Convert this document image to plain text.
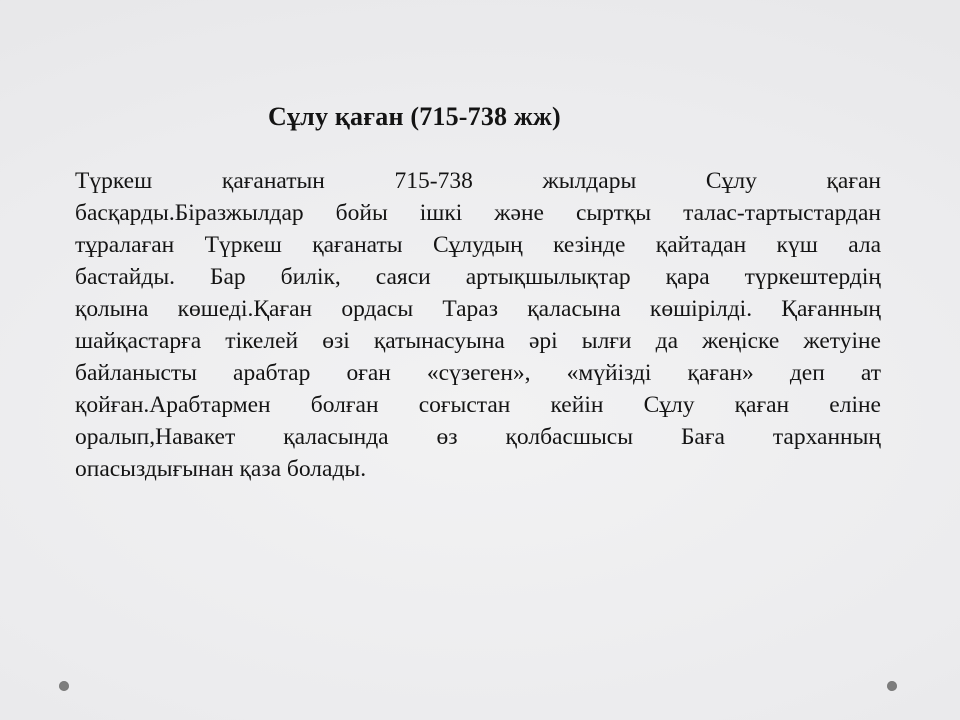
Сұлу қаған (715-738 жж)
Түркеш қағанатын 715-738 жылдары Сұлу қаған
басқарды.Біразжылдар бойы ішкі және сыртқы талас-тартыстардан
тұралаған Түркеш қағанаты Сұлудың кезінде қайтадан күш ала
бастайды. Бар билік, саяси артықшылықтар қара түркештердің
қолына көшеді.Қаған ордасы Тараз қаласына көшірілді. Қағанның
шайқастарға тікелей өзі қатынасуына әрі ылғи да жеңіске жетуіне
байланысты арабтар оған «сүзеген», «мүйізді қаған» деп ат
қойған.Арабтармен болған соғыстан кейін Сұлу қаған еліне
оралып,Навакет қаласында өз қолбасшысы Баға тарханның
опасыздығынан қаза болады.
